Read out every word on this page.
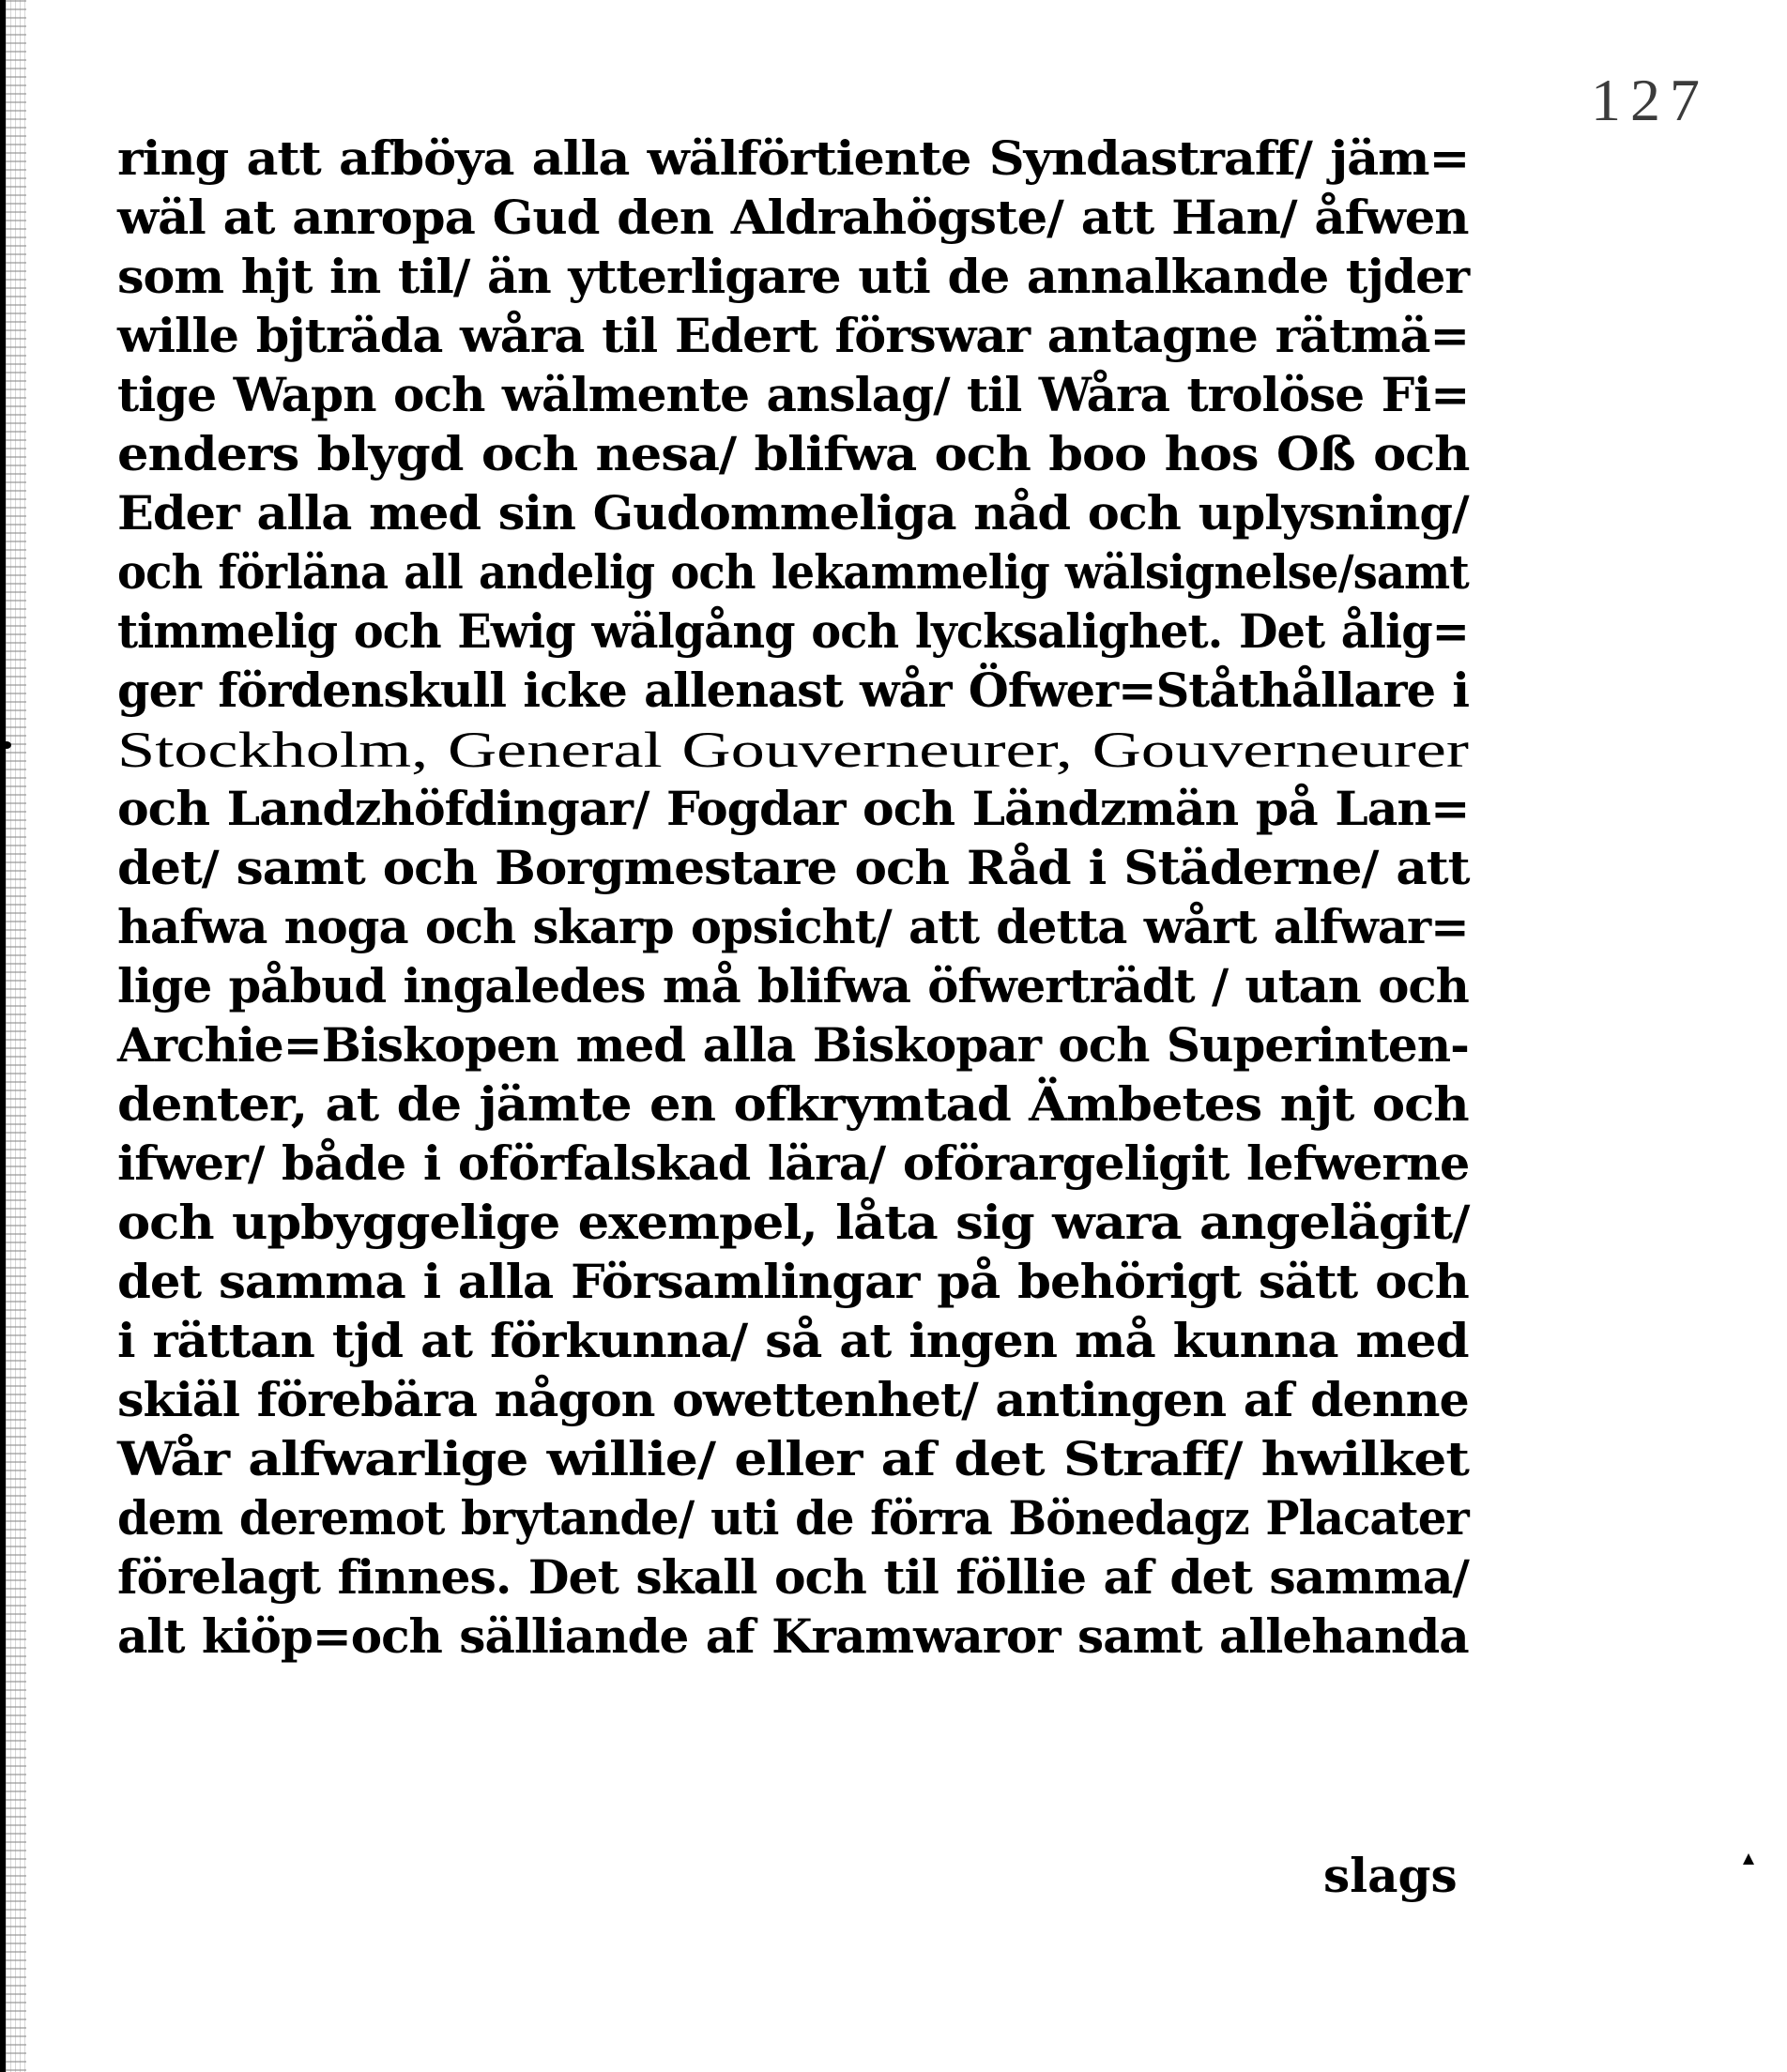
127
ring att afböya alla wälförtiente Syndastraff/ jäm=
wäl at anropa Gud den Aldrahögste/ att Han/ åfwen
som hjt in til/ än ytterligare uti de annalkande tjder
wille bjträda wåra til Edert förswar antagne rätmä=
tige Wapn och wälmente anslag/ til Wåra trolöse Fi=
enders blygd och nesa/ blifwa och boo hos Oß och
Eder alla med sin Gudommeliga nåd och uplysning/
och förläna all andelig och lekammelig wälsignelse/samt
timmelig och Ewig wälgång och lycksalighet. Det ålig=
ger fördenskull icke allenast wår Öfwer=Ståthållare i
Stockholm, General Gouverneurer, Gouverneurer
och Landzhöfdingar/ Fogdar och Ländzmän på Lan=
det/ samt och Borgmestare och Råd i Städerne/ att
hafwa noga och skarp opsicht/ att detta wårt alfwar=
lige påbud ingaledes må blifwa öfwerträdt / utan och
Archie=Biskopen med alla Biskopar och Superinten-
denter, at de jämte en ofkrymtad Ämbetes njt och
ifwer/ både i oförfalskad lära/ oförargeligit lefwerne
och upbyggelige exempel, låta sig wara angelägit/
det samma i alla Församlingar på behörigt sätt och
i rättan tjd at förkunna/ så at ingen må kunna med
skiäl förebära någon owettenhet/ antingen af denne
Wår alfwarlige willie/ eller af det Straff/ hwilket
dem deremot brytande/ uti de förra Bönedagz Placater
förelagt finnes. Det skall och til föllie af det samma/
alt kiöp=och sälliande af Kramwaror samt allehanda
slags
